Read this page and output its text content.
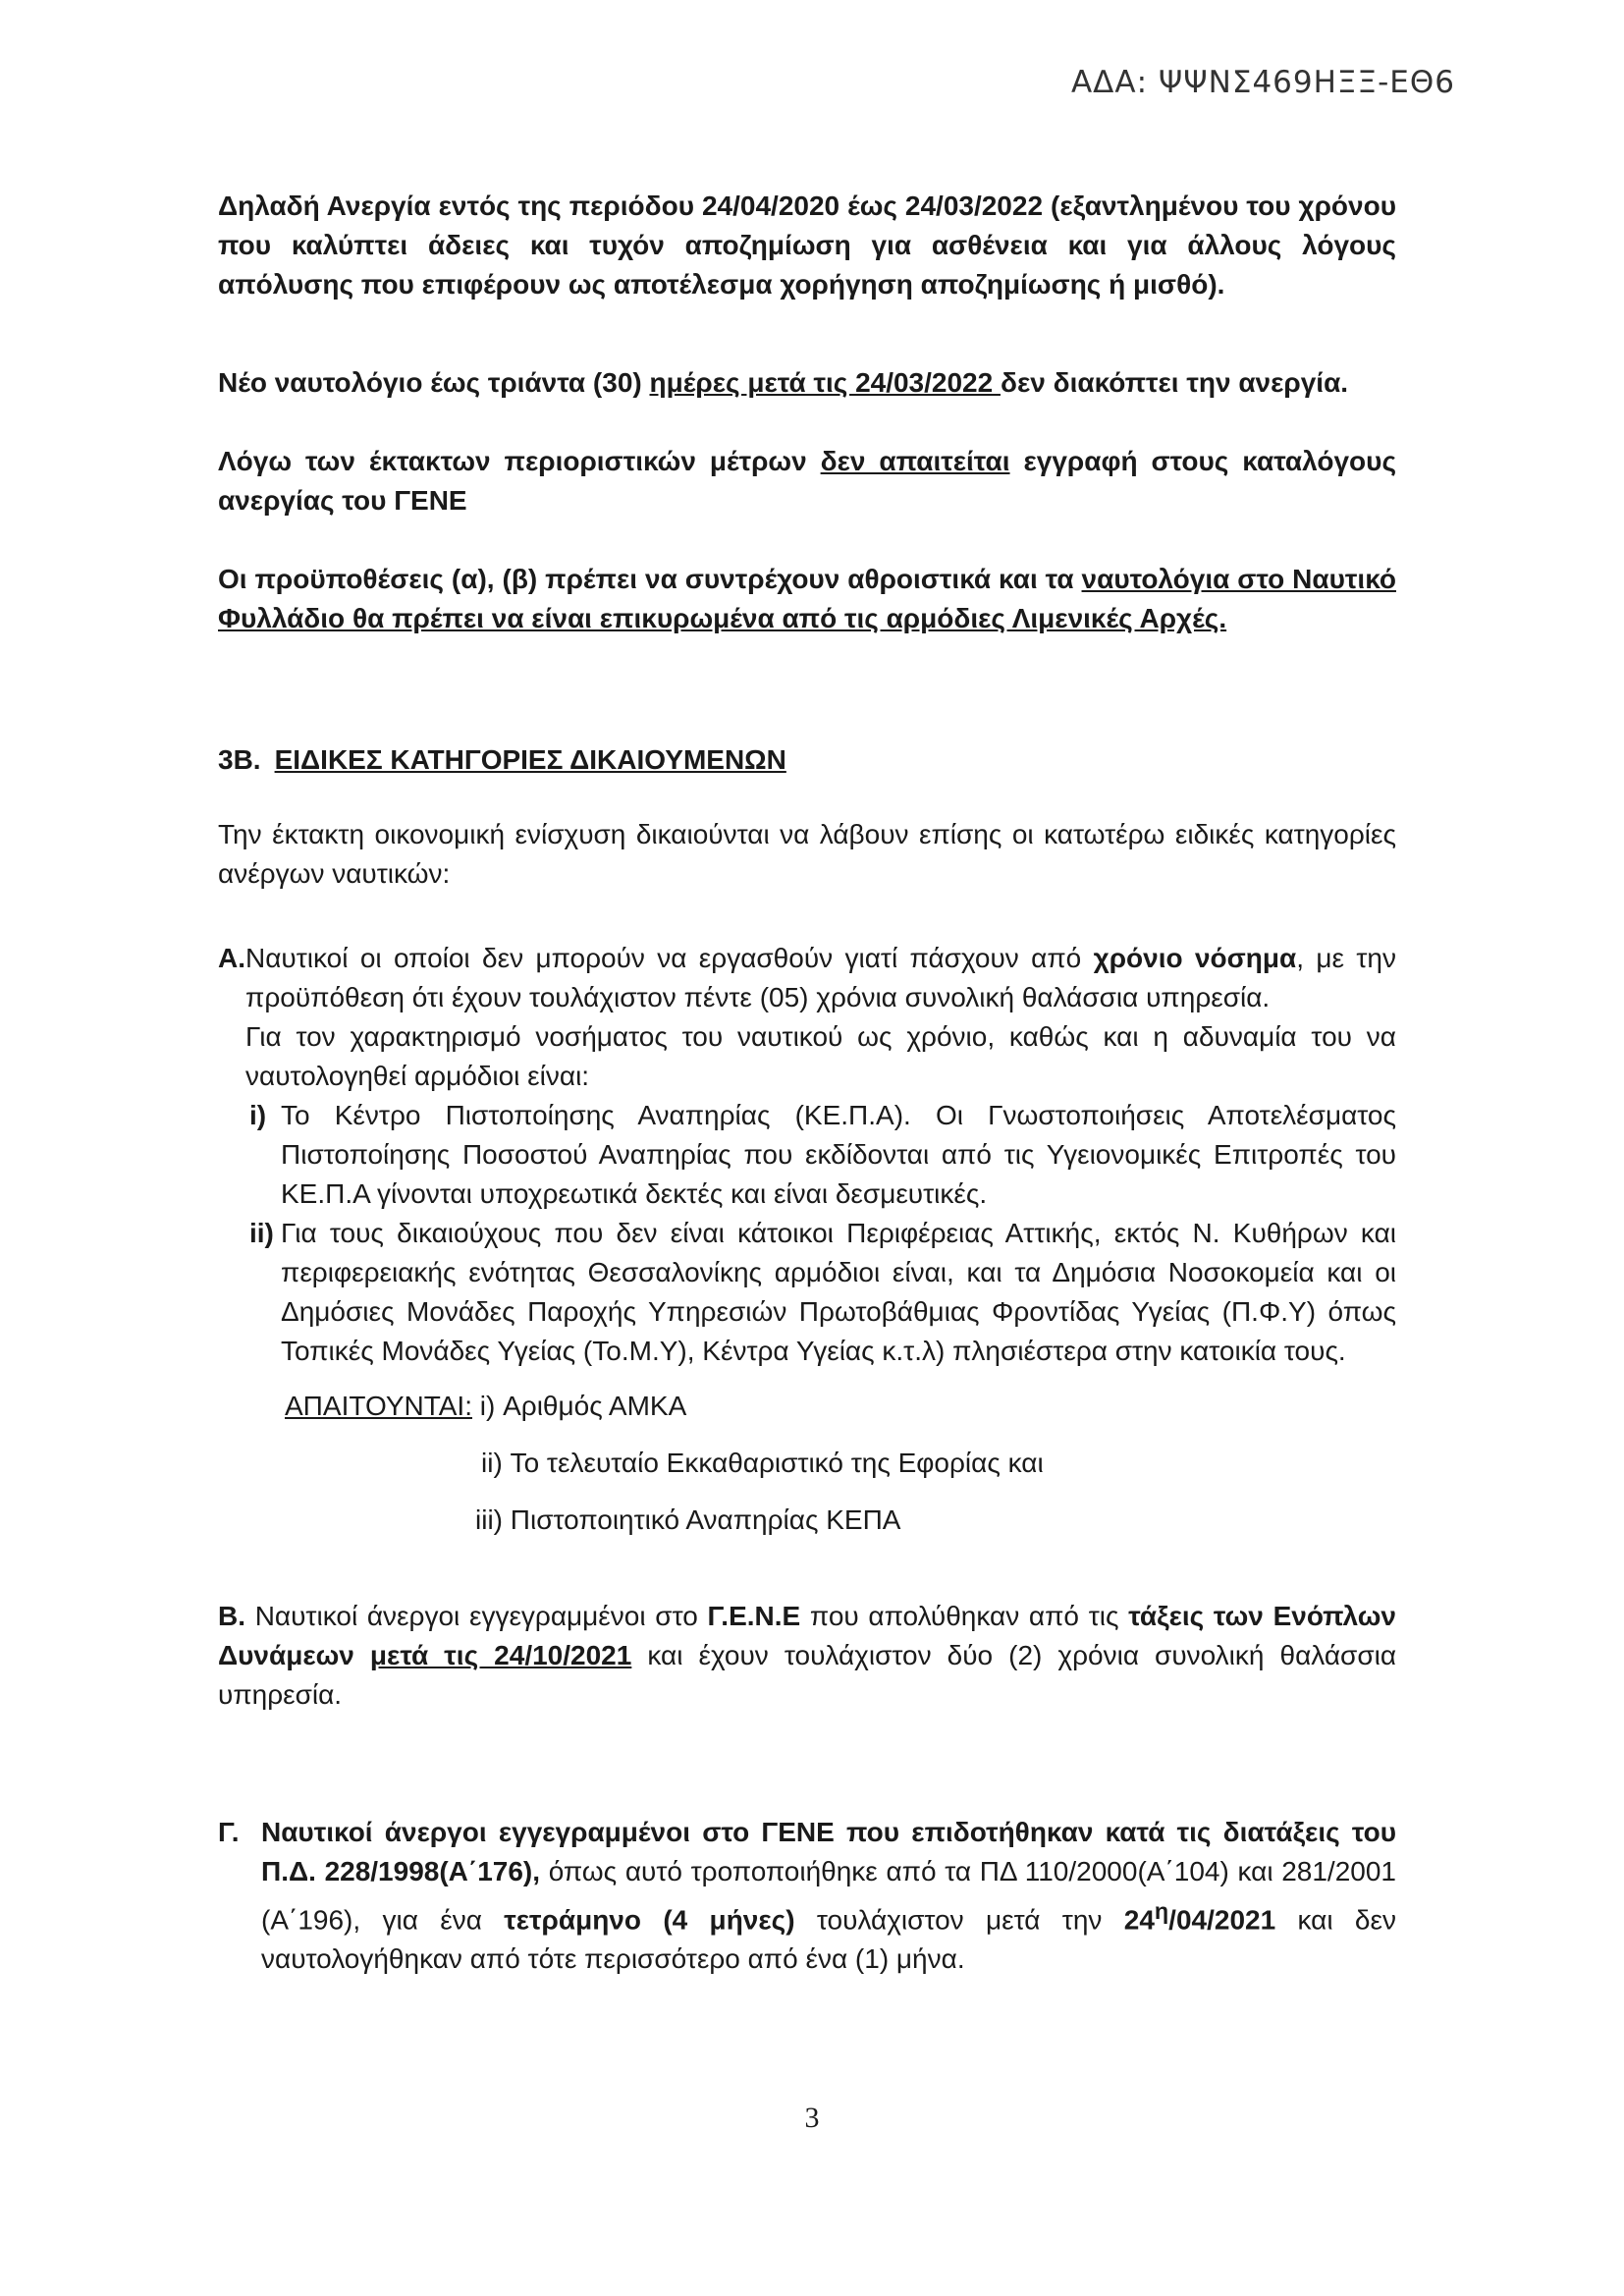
ΑΔΑ: ΨΨΝΣ469ΗΞΞ-ΕΘ6

Δηλαδή Ανεργία εντός της περιόδου 24/04/2020 έως 24/03/2022 (εξαντλημένου του χρόνου που καλύπτει άδειες και τυχόν αποζημίωση για ασθένεια και για άλλους λόγους απόλυσης που επιφέρουν ως αποτέλεσμα χορήγηση αποζημίωσης ή μισθό).

Νέο ναυτολόγιο έως τριάντα (30) ημέρες μετά τις 24/03/2022 δεν διακόπτει την ανεργία.

Λόγω των έκτακτων περιοριστικών μέτρων δεν απαιτείται εγγραφή στους καταλόγους ανεργίας του ΓΕΝΕ

Οι προϋποθέσεις (α), (β) πρέπει να συντρέχουν αθροιστικά και τα ναυτολόγια στο Ναυτικό Φυλλάδιο θα πρέπει να είναι επικυρωμένα από τις αρμόδιες Λιμενικές Αρχές.

3Β. ΕΙΔΙΚΕΣ ΚΑΤΗΓΟΡΙΕΣ ΔΙΚΑΙΟΥΜΕΝΩΝ

Την έκτακτη οικονομική ενίσχυση δικαιούνται να λάβουν επίσης οι κατωτέρω ειδικές κατηγορίες ανέργων ναυτικών:

Α. Ναυτικοί οι οποίοι δεν μπορούν να εργασθούν γιατί πάσχουν από χρόνιο νόσημα, με την προϋπόθεση ότι έχουν τουλάχιστον πέντε (05) χρόνια συνολική θαλάσσια υπηρεσία.

Για τον χαρακτηρισμό νοσήματος του ναυτικού ως χρόνιο, καθώς και η αδυναμία του να ναυτολογηθεί αρμόδιοι είναι:

i) Το Κέντρο Πιστοποίησης Αναπηρίας (ΚΕ.Π.Α). Οι Γνωστοποιήσεις Αποτελέσματος Πιστοποίησης Ποσοστού Αναπηρίας που εκδίδονται από τις Υγειονομικές Επιτροπές του ΚΕ.Π.Α γίνονται υποχρεωτικά δεκτές και είναι δεσμευτικές.

ii) Για τους δικαιούχους που δεν είναι κάτοικοι Περιφέρειας Αττικής, εκτός Ν. Κυθήρων και περιφερειακής ενότητας Θεσσαλονίκης αρμόδιοι είναι, και τα Δημόσια Νοσοκομεία και οι Δημόσιες Μονάδες Παροχής Υπηρεσιών Πρωτοβάθμιας Φροντίδας Υγείας (Π.Φ.Υ) όπως Τοπικές Μονάδες Υγείας (Το.Μ.Υ), Κέντρα Υγείας κ.τ.λ) πλησιέστερα στην κατοικία τους.

ΑΠΑΙΤΟΥΝΤΑΙ: i) Αριθμός ΑΜΚΑ
ii) Το τελευταίο Εκκαθαριστικό της Εφορίας και
iii) Πιστοποιητικό Αναπηρίας ΚΕΠΑ

Β. Ναυτικοί άνεργοι εγγεγραμμένοι στο Γ.Ε.Ν.Ε που απολύθηκαν από τις τάξεις των Ενόπλων Δυνάμεων μετά τις 24/10/2021 και έχουν τουλάχιστον δύο (2) χρόνια συνολική θαλάσσια υπηρεσία.

Γ. Ναυτικοί άνεργοι εγγεγραμμένοι στο ΓΕΝΕ που επιδοτήθηκαν κατά τις διατάξεις του Π.Δ. 228/1998(Α΄176), όπως αυτό τροποποιήθηκε από τα ΠΔ 110/2000(Α΄104) και 281/2001 (Α΄196), για ένα τετράμηνο (4 μήνες) τουλάχιστον μετά την $24^\eta/04/2021$ και δεν ναυτολογήθηκαν από τότε περισσότερο από ένα (1) μήνα.

3
